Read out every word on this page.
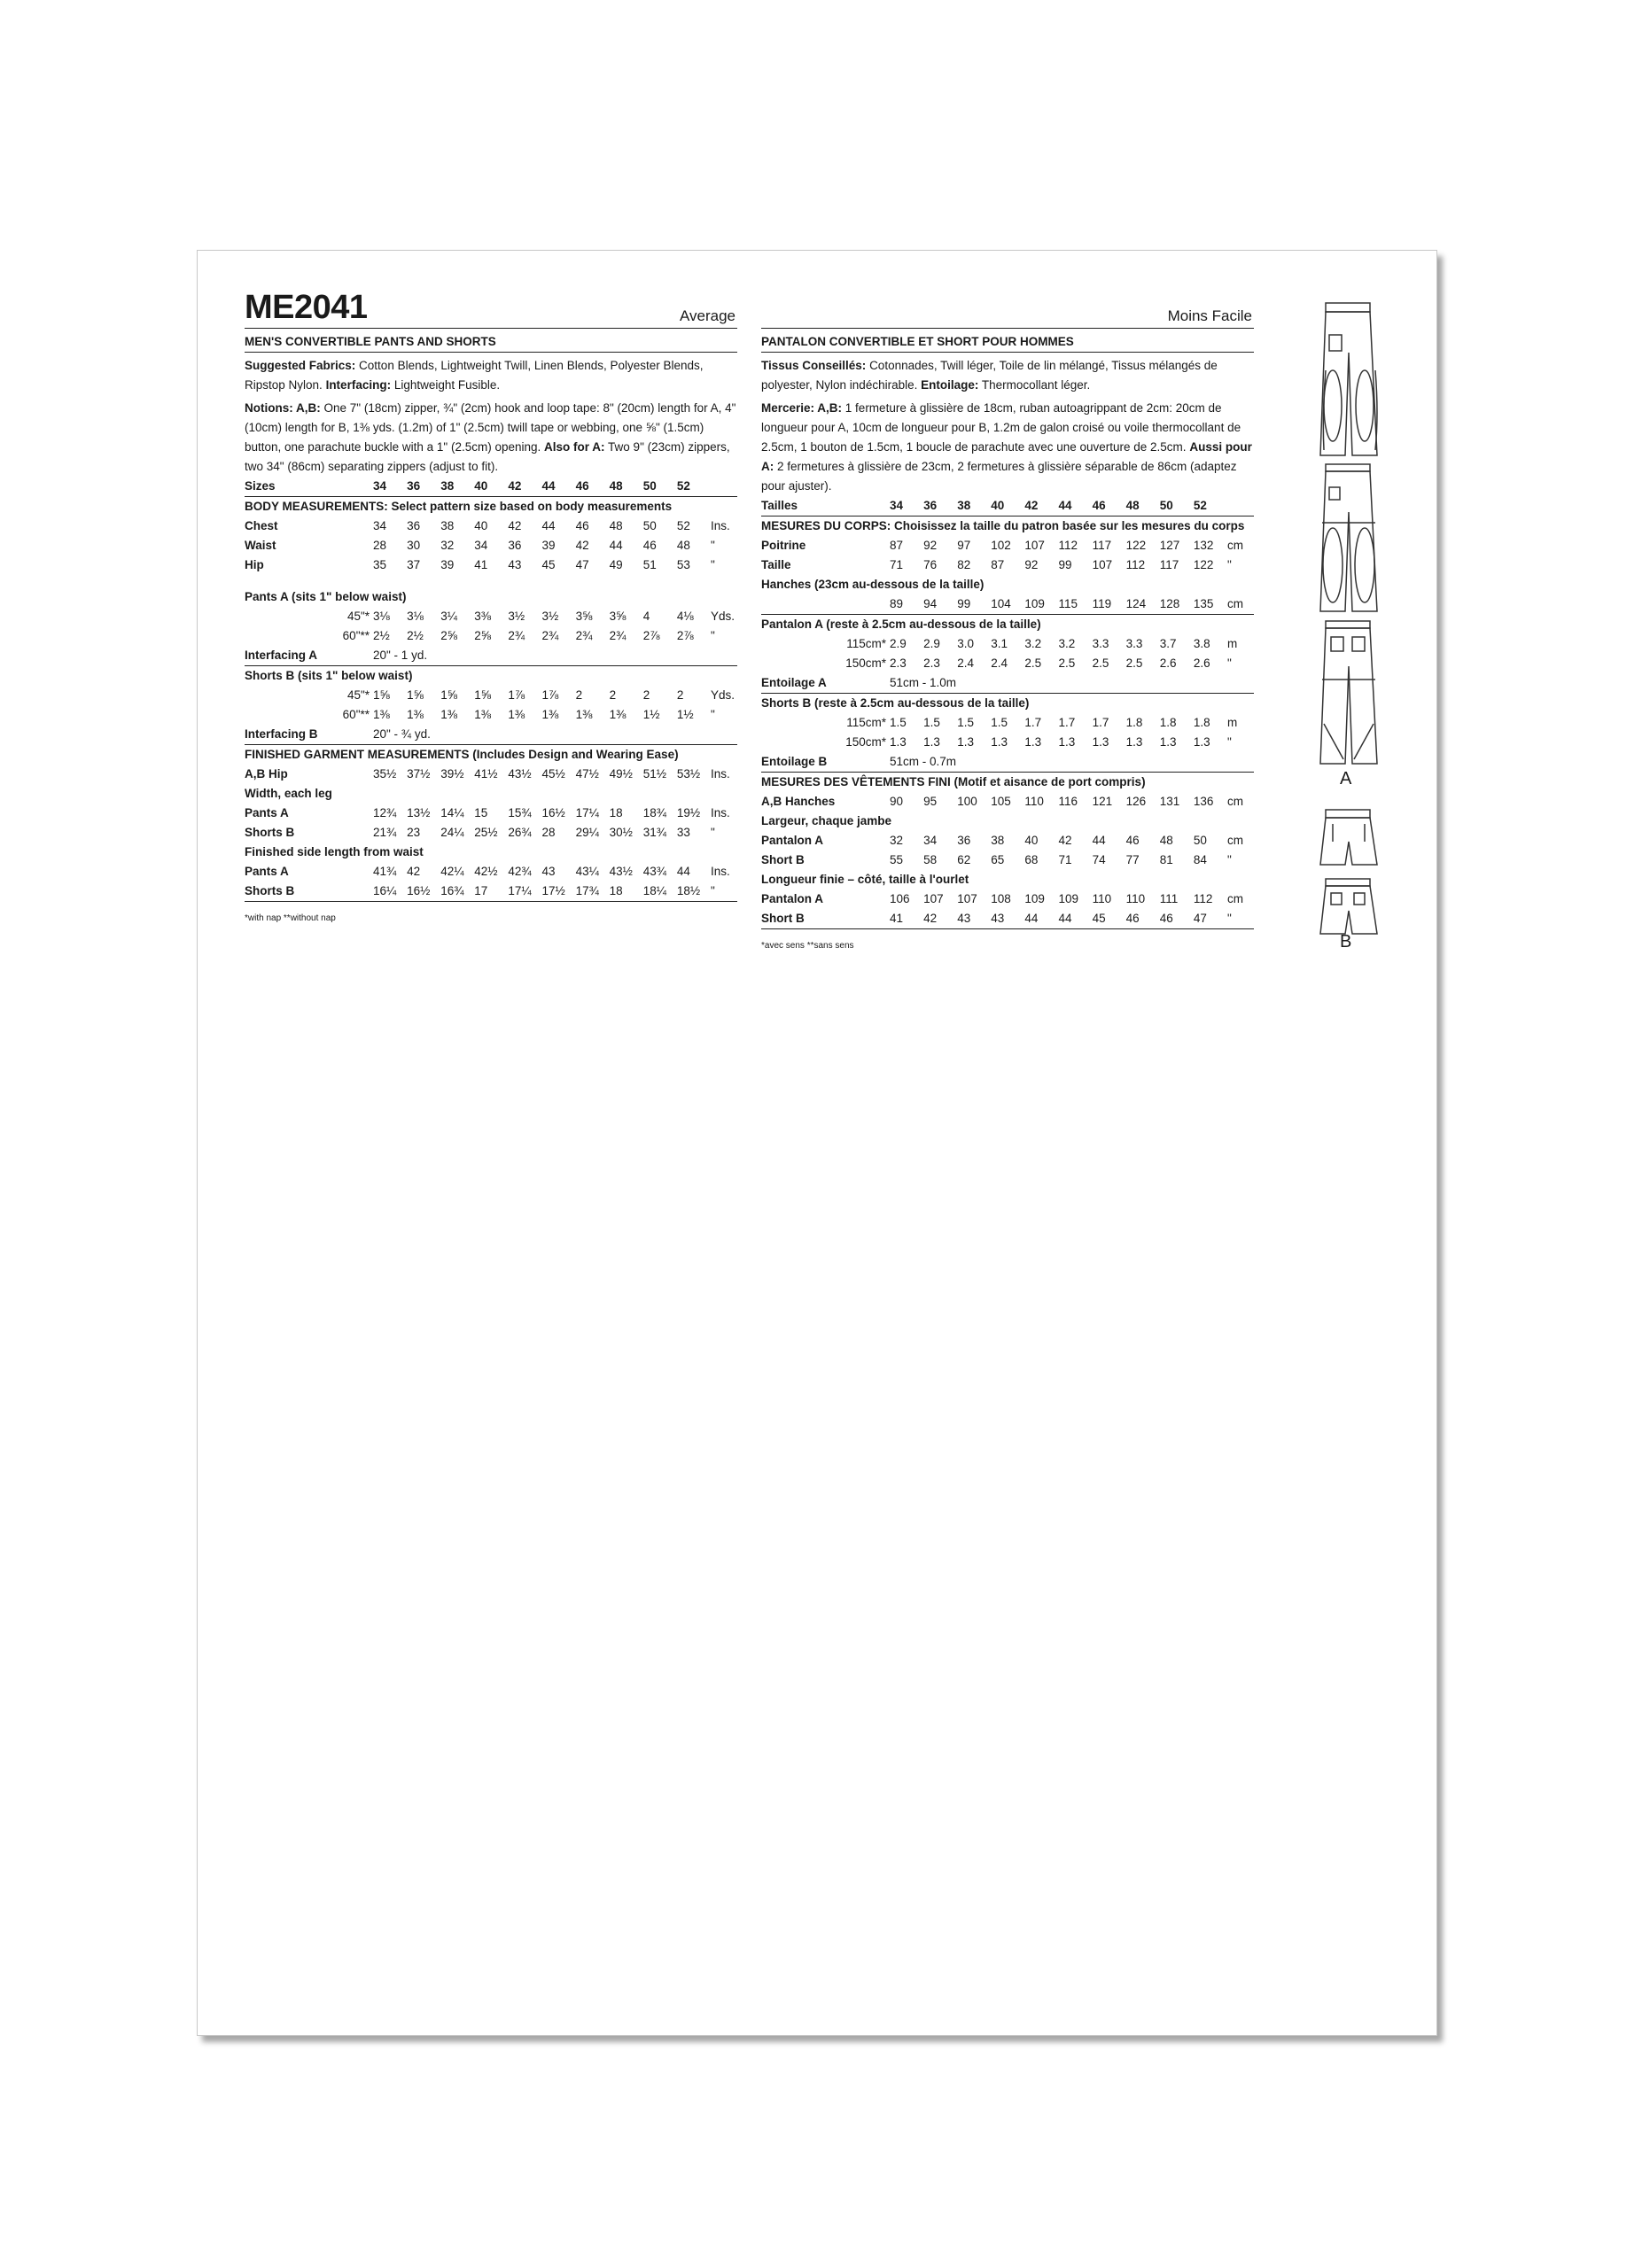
ME2041	Average
MEN'S CONVERTIBLE PANTS AND SHORTS
Suggested Fabrics: Cotton Blends, Lightweight Twill, Linen Blends, Polyester Blends, Ripstop Nylon. Interfacing: Lightweight Fusible.
Notions: A,B: One 7" (18cm) zipper, ¾" (2cm) hook and loop tape: 8" (20cm) length for A, 4" (10cm) length for B, 1⅜ yds. (1.2m) of 1" (2.5cm) twill tape or webbing, one ⅝" (1.5cm) button, one parachute buckle with a 1" (2.5cm) opening. Also for A: Two 9" (23cm) zippers, two 34" (86cm) separating zippers (adjust to fit).
Sizes	34	36	38	40	42	44	46	48	50	52	
BODY MEASUREMENTS: Select pattern size based on body measurements											
Chest	34	36	38	40	42	44	46	48	50	52	Ins.
Waist	28	30	32	34	36	39	42	44	46	48	"
Hip	35	37	39	41	43	45	47	49	51	53	"

Pants A (sits 1" below waist)											
45"*	3⅛	3⅛	3¼	3⅜	3½	3½	3⅝	3⅝	4	4⅛	Yds.
60"**	2½	2½	2⅝	2⅝	2¾	2¾	2¾	2¾	2⅞	2⅞	"
Interfacing A	20" - 1 yd.										
Shorts B (sits 1" below waist)											
45"*	1⅝	1⅝	1⅝	1⅝	1⅞	1⅞	2	2	2	2	Yds.
60"**	1⅜	1⅜	1⅜	1⅜	1⅜	1⅜	1⅜	1⅜	1½	1½	"
Interfacing B	20" - ¾ yd.										
FINISHED GARMENT MEASUREMENTS (Includes Design and Wearing Ease)											
A,B Hip	35½	37½	39½	41½	43½	45½	47½	49½	51½	53½	Ins.
Width, each leg											
Pants A	12¾	13½	14¼	15	15¾	16½	17¼	18	18¾	19½	Ins.
Shorts B	21¾	23	24¼	25½	26¾	28	29¼	30½	31¾	33	"
Finished side length from waist											
Pants A	41¾	42	42¼	42½	42¾	43	43¼	43½	43¾	44	Ins.
Shorts B	16¼	16½	16¾	17	17¼	17½	17¾	18	18¼	18½	"
*with nap **without nap
Moins Facile
PANTALON CONVERTIBLE ET SHORT POUR HOMMES
Tissus Conseillés: Cotonnades, Twill léger, Toile de lin mélangé, Tissus mélangés de polyester, Nylon indéchirable. Entoilage: Thermocollant léger.
Mercerie: A,B: 1 fermeture à glissière de 18cm, ruban autoagrippant de 2cm: 20cm de longueur pour A, 10cm de longueur pour B, 1.2m de galon croisé ou voile thermocollant de 2.5cm, 1 bouton de 1.5cm, 1 boucle de parachute avec une ouverture de 2.5cm. Aussi pour A: 2 fermetures à glissière de 23cm, 2 fermetures à glissière séparable de 86cm (adaptez pour ajuster).
Tailles	34	36	38	40	42	44	46	48	50	52	
MESURES DU CORPS: Choisissez la taille du patron basée sur les mesures du corps											
Poitrine	87	92	97	102	107	112	117	122	127	132	cm
Taille	71	76	82	87	92	99	107	112	117	122	"
Hanches (23cm au-dessous de la taille)											
	89	94	99	104	109	115	119	124	128	135	cm
Pantalon A (reste à 2.5cm au-dessous de la taille)											
115cm*	2.9	2.9	3.0	3.1	3.2	3.2	3.3	3.3	3.7	3.8	m
150cm*	2.3	2.3	2.4	2.4	2.5	2.5	2.5	2.5	2.6	2.6	"
Entoilage A	51cm - 1.0m										
Shorts B (reste à 2.5cm au-dessous de la taille)											
115cm*	1.5	1.5	1.5	1.5	1.7	1.7	1.7	1.8	1.8	1.8	m
150cm*	1.3	1.3	1.3	1.3	1.3	1.3	1.3	1.3	1.3	1.3	"
Entoilage B	51cm - 0.7m										
MESURES DES VÊTEMENTS FINI (Motif et aisance de port compris)											
A,B Hanches	90	95	100	105	110	116	121	126	131	136	cm
Largeur, chaque jambe											
Pantalon A	32	34	36	38	40	42	44	46	48	50	cm
Short B	55	58	62	65	68	71	74	77	81	84	"
Longueur finie – côté, taille à l'ourlet											
Pantalon A	106	107	107	108	109	109	110	110	111	112	cm
Short B	41	42	43	43	44	44	45	46	46	47	"
*avec sens **sans sens
A
B
